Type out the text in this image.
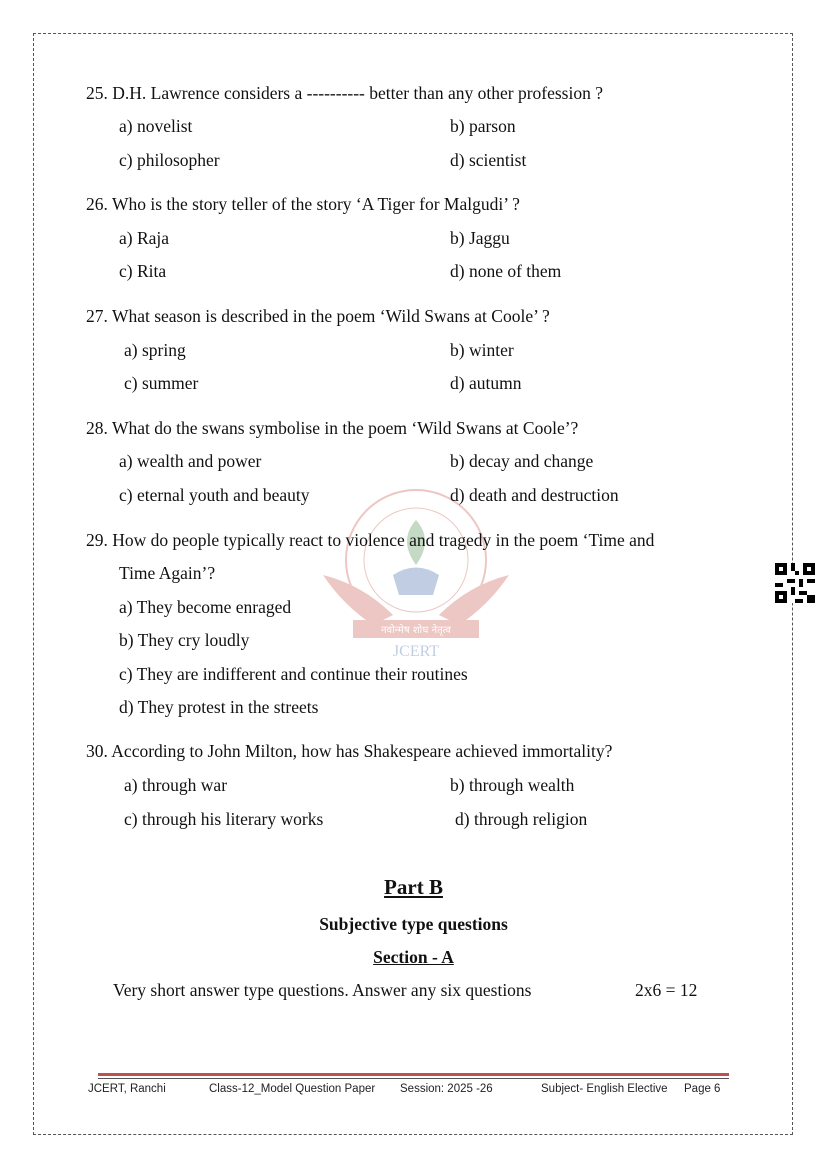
नवोन्मेष शोध नेतृत्व
JCERT
25. D.H. Lawrence considers a ---------- better than any other profession ?
a) novelist	b) parson
c) philosopher	d) scientist
26. Who is the story teller of the story ‘A Tiger for Malgudi’ ?
a) Raja	b) Jaggu
c) Rita	d) none of them
27. What season is described in the poem ‘Wild Swans at Coole’ ?
a) spring	b) winter
c) summer	d) autumn
28. What do the swans symbolise in the poem ‘Wild Swans at Coole’?
a) wealth and power	b) decay and change
c) eternal youth and beauty	d) death and destruction
29. How do people typically react to violence and tragedy in the poem ‘Time and
Time Again’?
a) They become enraged
b) They cry loudly
c) They are indifferent and continue their routines
d) They protest in the streets
30. According to John Milton, how has Shakespeare achieved immortality?
a) through war	b) through wealth
c) through his literary works	d) through religion
Part B
Subjective type questions
Section - A
Very short answer type questions. Answer any six questions	2x6 = 12
JCERT, Ranchi	Class-12_Model Question Paper Session: 2025 -26	Subject- English Elective Page 6
